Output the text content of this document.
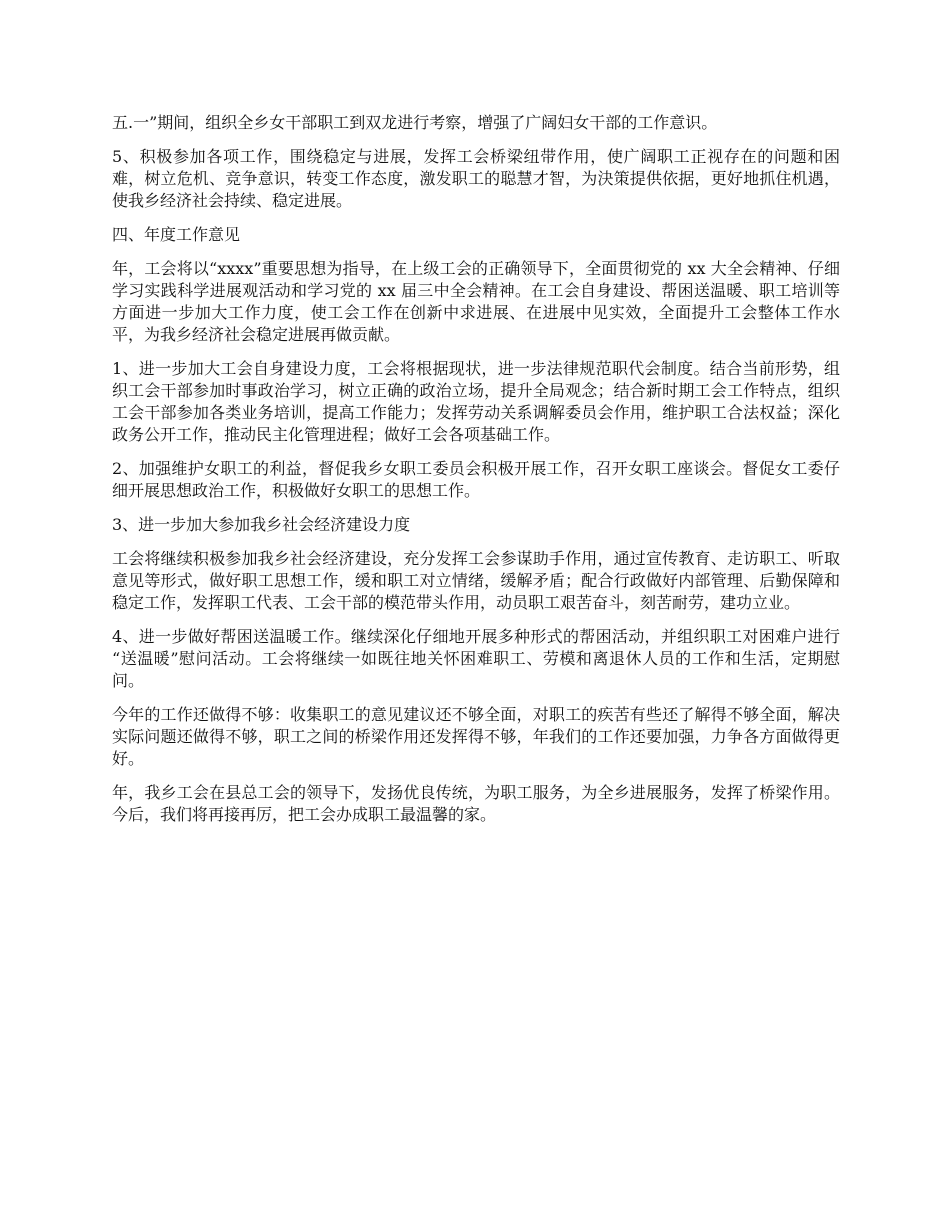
五.一”期间，组织全乡女干部职工到双龙进行考察，增强了广阔妇女干部的工作意识。

5、积极参加各项工作，围绕稳定与进展，发挥工会桥梁纽带作用，使广阔职工正视存在的问题和困难，树立危机、竞争意识，转变工作态度，激发职工的聪慧才智，为決策提供依据，更好地抓住机遇，使我乡经济社会持续、稳定进展。

四、年度工作意见

年，工会将以“xxxx”重要思想为指导，在上级工会的正确领导下，全面贯彻党的 xx 大全会精神、仔细学习实践科学进展观活动和学习党的 xx 届三中全会精神。在工会自身建设、帮困送温暖、职工培训等方面进一步加大工作力度，使工会工作在创新中求进展、在进展中见实效，全面提升工会整体工作水平，为我乡经济社会稳定进展再做贡献。

1、进一步加大工会自身建设力度，工会将根据现状，进一步法律规范职代会制度。结合当前形势，组织工会干部参加时事政治学习，树立正确的政治立场，提升全局观念；结合新时期工会工作特点，组织工会干部参加各类业务培训，提高工作能力；发挥劳动关系调解委员会作用，维护职工合法权益；深化政务公开工作，推动民主化管理进程；做好工会各项基础工作。

2、加强维护女职工的利益，督促我乡女职工委员会积极开展工作，召开女职工座谈会。督促女工委仔细开展思想政治工作，积极做好女职工的思想工作。

3、进一步加大参加我乡社会经济建设力度

工会将继续积极参加我乡社会经济建设，充分发挥工会参谋助手作用，通过宣传教育、走访职工、听取意见等形式，做好职工思想工作，缓和职工对立情绪，缓解矛盾；配合行政做好内部管理、后勤保障和稳定工作，发挥职工代表、工会干部的模范带头作用，动员职工艰苦奋斗，刻苦耐劳，建功立业。

4、进一步做好帮困送温暖工作。继续深化仔细地开展多种形式的帮困活动，并组织职工对困难户进行 “送温暖”慰问活动。工会将继续一如既往地关怀困难职工、劳模和离退休人员的工作和生活，定期慰问。

今年的工作还做得不够：收集职工的意见建议还不够全面，对职工的疾苦有些还了解得不够全面，解决实际问题还做得不够，职工之间的桥梁作用还发挥得不够，年我们的工作还要加强，力争各方面做得更好。

年，我乡工会在县总工会的领导下，发扬优良传统，为职工服务，为全乡进展服务，发挥了桥梁作用。今后，我们将再接再厉，把工会办成职工最温馨的家。
